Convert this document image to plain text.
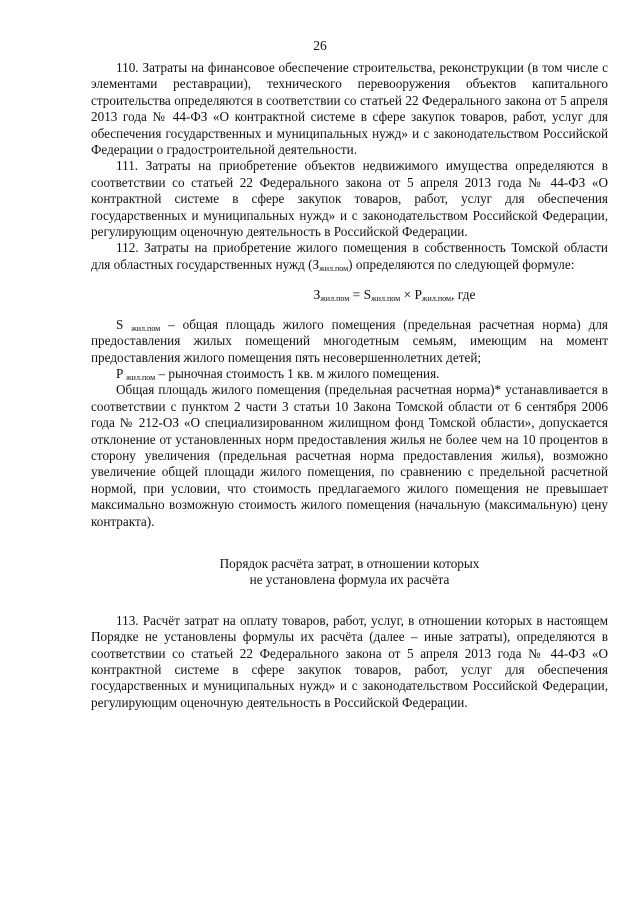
26

110. Затраты на финансовое обеспечение строительства, реконструкции (в том числе с элементами реставрации), технического перевооружения объектов капитального строительства определяются в соответствии со статьей 22 Федерального закона от 5 апреля 2013 года № 44-ФЗ «О контрактной системе в сфере закупок товаров, работ, услуг для обеспечения государственных и муниципальных нужд» и с законодательством Российской Федерации о градостроительной деятельности.

111. Затраты на приобретение объектов недвижимого имущества определяются в соответствии со статьей 22 Федерального закона от 5 апреля 2013 года № 44-ФЗ «О контрактной системе в сфере закупок товаров, работ, услуг для обеспечения государственных и муниципальных нужд» и с законодательством Российской Федерации, регулирующим оценочную деятельность в Российской Федерации.

112. Затраты на приобретение жилого помещения в собственность Томской области для областных государственных нужд $(З_{жил.пом})$ определяются по следующей формуле:

$З_{жил.пом} = S_{жил.пом} \times P_{жил.пом}$, где

S $_{жил.пом}$ – общая площадь жилого помещения (предельная расчетная норма) для предоставления жилых помещений многодетным семьям, имеющим на момент предоставления жилого помещения пять несовершеннолетних детей;

P $_{жил.пом}$ – рыночная стоимость 1 кв. м жилого помещения.

Общая площадь жилого помещения (предельная расчетная норма)* устанавливается в соответствии с пунктом 2 части 3 статьи 10 Закона Томской области от 6 сентября 2006 года № 212-ОЗ «О специализированном жилищном фонд Томской области», допускается отклонение от установленных норм предоставления жилья не более чем на 10 процентов в сторону увеличения (предельная расчетная норма предоставления жилья), возможно увеличение общей площади жилого помещения, по сравнению с предельной расчетной нормой, при условии, что стоимость предлагаемого жилого помещения не превышает максимально возможную стоимость жилого помещения (начальную (максимальную) цену контракта).

Порядок расчёта затрат, в отношении которых
не установлена формула их расчёта

113. Расчёт затрат на оплату товаров, работ, услуг, в отношении которых в настоящем Порядке не установлены формулы их расчёта (далее – иные затраты), определяются в соответствии со статьей 22 Федерального закона от 5 апреля 2013 года № 44-ФЗ «О контрактной системе в сфере закупок товаров, работ, услуг для обеспечения государственных и муниципальных нужд» и с законодательством Российской Федерации, регулирующим оценочную деятельность в Российской Федерации.
